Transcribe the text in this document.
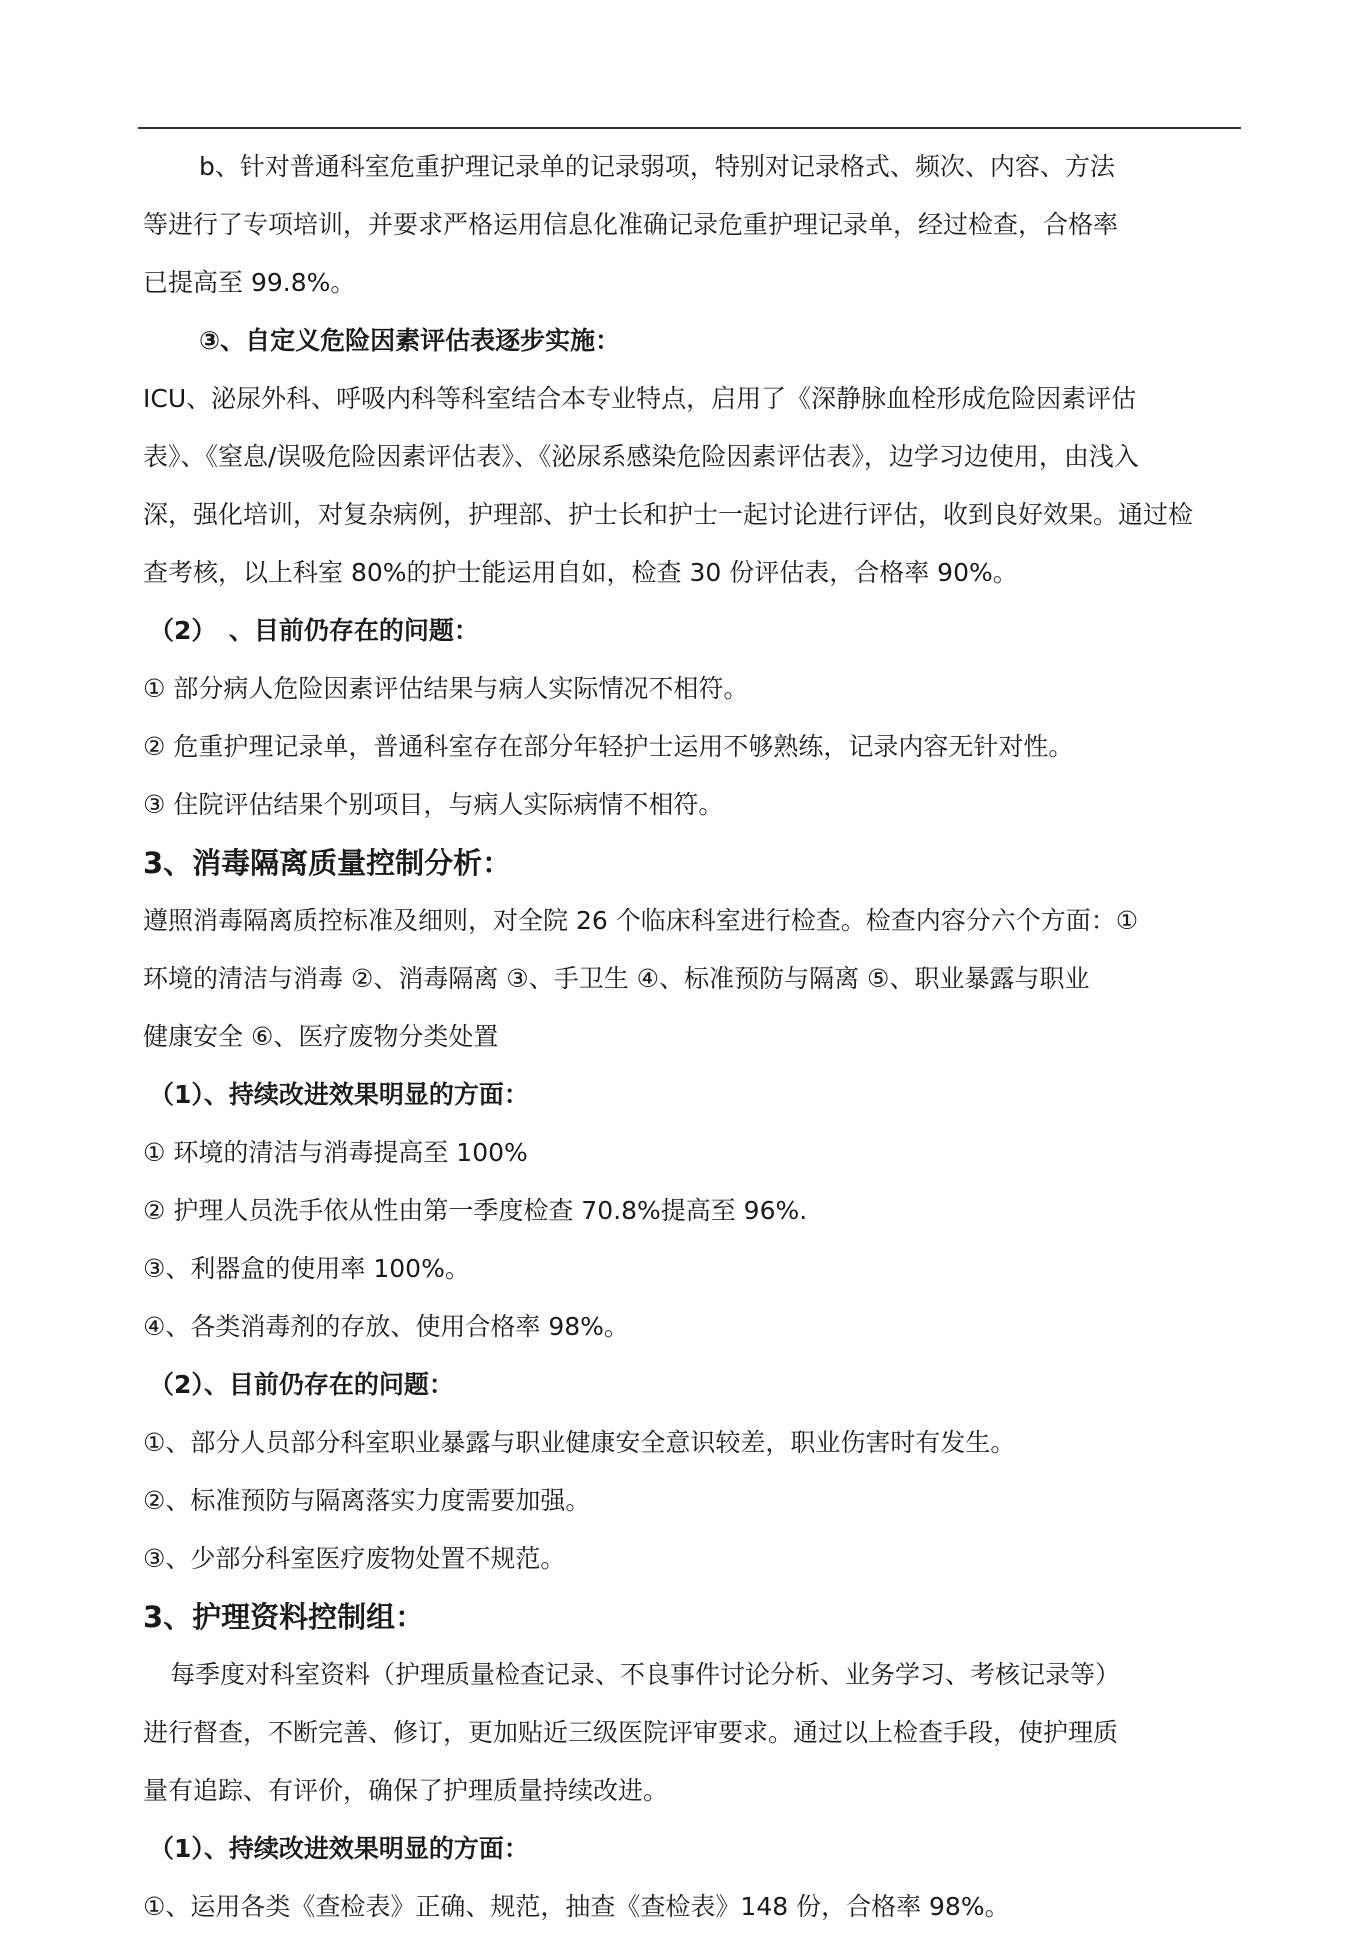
b、针对普通科室危重护理记录单的记录弱项，特别对记录格式、频次、内容、方法

等进行了专项培训，并要求严格运用信息化准确记录危重护理记录单，经过检查，合格率

已提高至 99.8%。

③、自定义危险因素评估表逐步实施：

ICU、泌尿外科、呼吸内科等科室结合本专业特点，启用了《深静脉血栓形成危险因素评估

表》、《窒息/误吸危险因素评估表》、《泌尿系感染危险因素评估表》，边学习边使用，由浅入

深，强化培训，对复杂病例，护理部、护士长和护士一起讨论进行评估，收到良好效果。通过检

查考核，以上科室 80%的护士能运用自如，检查 30 份评估表，合格率 90%。

（2）　、目前仍存在的问题：

① 部分病人危险因素评估结果与病人实际情况不相符。

② 危重护理记录单，普通科室存在部分年轻护士运用不够熟练，记录内容无针对性。

③ 住院评估结果个别项目，与病人实际病情不相符。

3、消毒隔离质量控制分析：

遵照消毒隔离质控标准及细则，对全院 26 个临床科室进行检查。检查内容分六个方面：①

环境的清洁与消毒 ②、消毒隔离 ③、手卫生 ④、标准预防与隔离 ⑤、职业暴露与职业

健康安全 ⑥、医疗废物分类处置

（1）、持续改进效果明显的方面：

① 环境的清洁与消毒提高至 100%

② 护理人员洗手依从性由第一季度检查 70.8%提高至 96%.

③、利器盒的使用率 100%。

④、各类消毒剂的存放、使用合格率 98%。

（2）、目前仍存在的问题：

①、部分人员部分科室职业暴露与职业健康安全意识较差，职业伤害时有发生。

②、标准预防与隔离落实力度需要加强。

③、少部分科室医疗废物处置不规范。

3、护理资料控制组：

每季度对科室资料（护理质量检查记录、不良事件讨论分析、业务学习、考核记录等）

进行督查，不断完善、修订，更加贴近三级医院评审要求。通过以上检查手段，使护理质

量有追踪、有评价，确保了护理质量持续改进。

（1）、持续改进效果明显的方面：

①、运用各类《查检表》正确、规范，抽查《查检表》148 份，合格率 98%。
